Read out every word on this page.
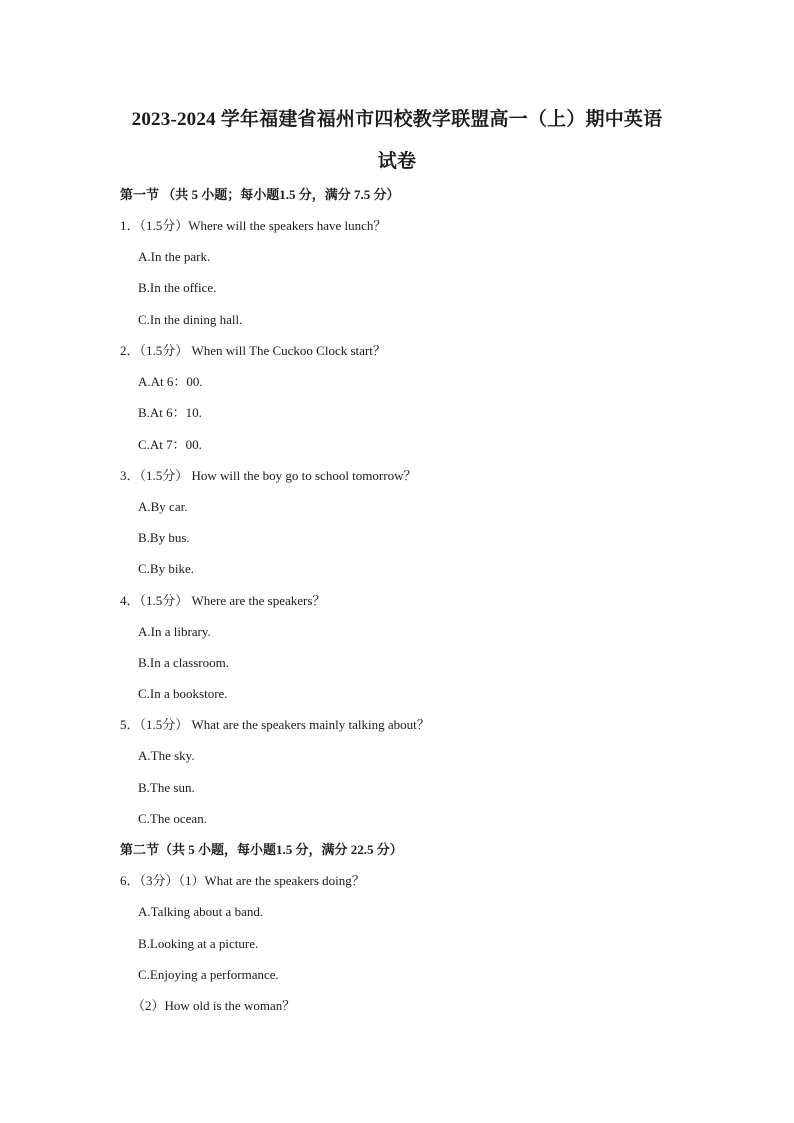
2023-2024 学年福建省福州市四校教学联盟高一（上）期中英语
试卷
第一节 （共 5 小题；每小题1.5 分，满分 7.5 分）
1．（1.5分）Where will the speakers have lunch？
A.In the park.
B.In the office.
C.In the dining hall.
2．（1.5分） When will The Cuckoo Clock start？
A.At 6：00.
B.At 6：10.
C.At 7：00.
3．（1.5分） How will the boy go to school tomorrow？
A.By car.
B.By bus.
C.By bike.
4．（1.5分） Where are the speakers？
A.In a library.
B.In a classroom.
C.In a bookstore.
5．（1.5分） What are the speakers mainly talking about？
A.The sky.
B.The sun.
C.The ocean.
第二节（共 5 小题，每小题1.5 分，满分 22.5 分）
6．（3分）（1）What are the speakers doing？
A.Talking about a band.
B.Looking at a picture.
C.Enjoying a performance.
（2）How old is the woman？
